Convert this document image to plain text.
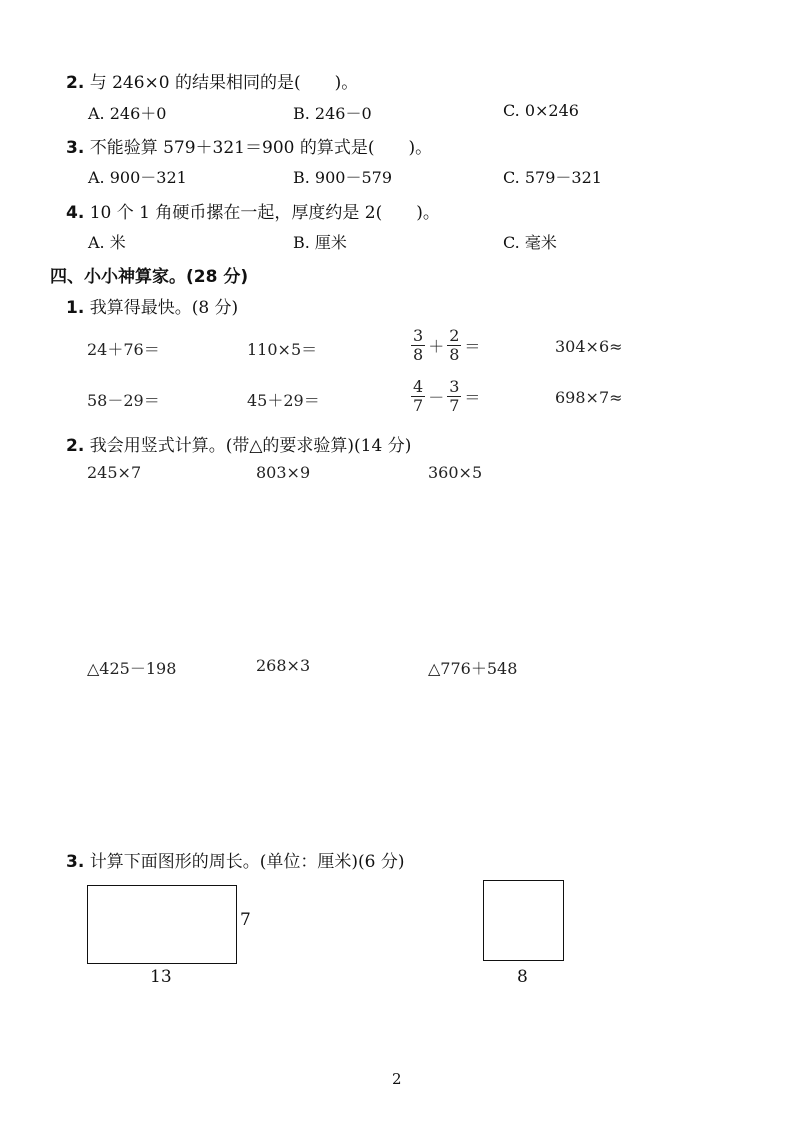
2. 与 246×0 的结果相同的是(　　)。
A. 246＋0	B. 246－0	C. 0×246
3. 不能验算 579＋321＝900 的算式是(　　)。
A. 900－321	B. 900－579	C. 579－321
4. 10 个 1 角硬币摞在一起，厚度约是 2(　　)。
A. 米	B. 厘米	C. 毫米
四、小小神算家。(28 分)
1. 我算得最快。(8 分)
24＋76＝	110×5＝	$\frac{3}{8} + \frac{2}{8}$ ＝	304×6≈
58－29＝	45＋29＝	$\frac{4}{7} - \frac{3}{7}$ ＝	698×7≈
2. 我会用竖式计算。(带△的要求验算)(14 分)
245×7	803×9	360×5
△425－198	268×3	△776＋548
3. 计算下面图形的周长。(单位：厘米)(6 分)
7
13	8
2
